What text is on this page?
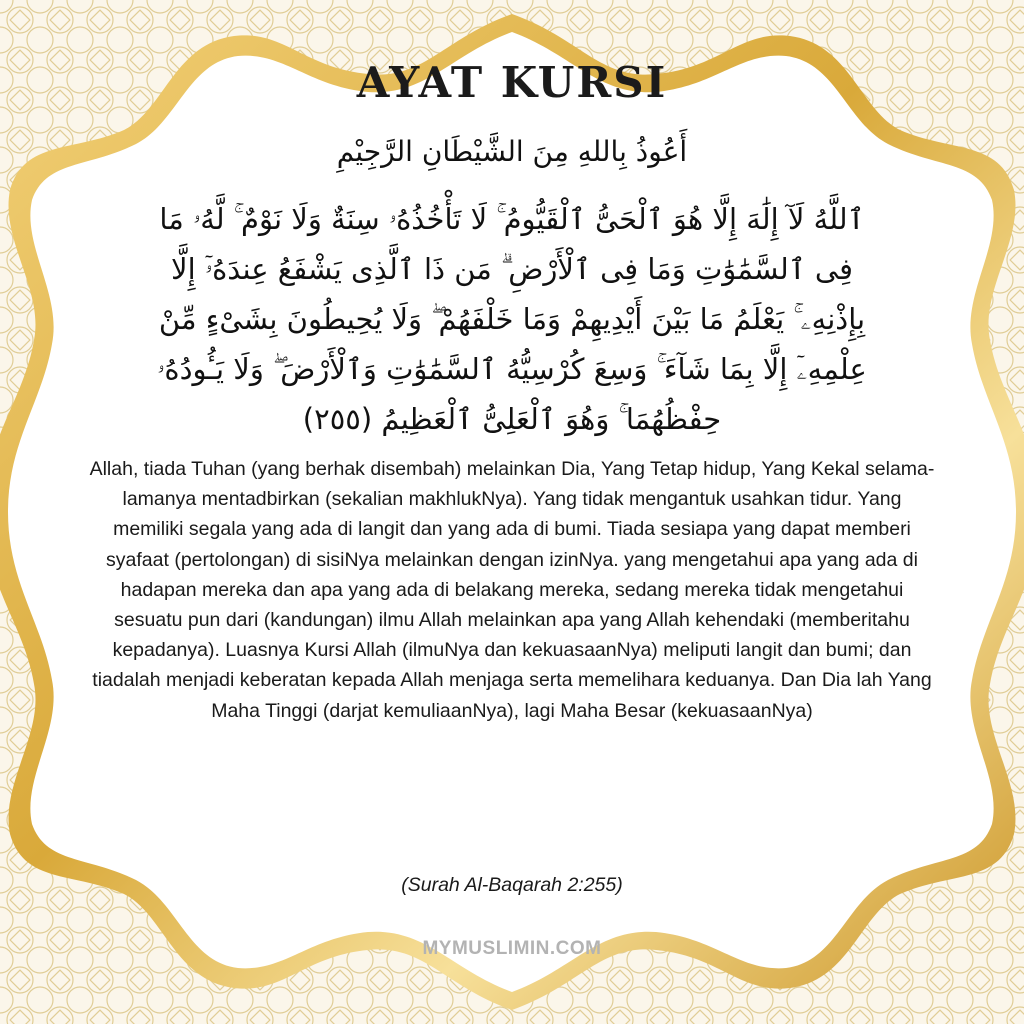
AYAT KURSI

أَعُوذُ بِاللهِ مِنَ الشَّيْطَانِ الرَّجِيْمِ

ٱللَّهُ لَآ إِلَٰهَ إِلَّا هُوَ ٱلْحَىُّ ٱلْقَيُّومُ ۚ لَا تَأْخُذُهُۥ سِنَةٌ وَلَا نَوْمٌ ۚ لَّهُۥ مَا فِى ٱلسَّمَٰوَٰتِ وَمَا فِى ٱلْأَرْضِ ۗ مَن ذَا ٱلَّذِى يَشْفَعُ عِندَهُۥٓ إِلَّا بِإِذْنِهِۦ ۚ يَعْلَمُ مَا بَيْنَ أَيْدِيهِمْ وَمَا خَلْفَهُمْ ۖ وَلَا يُحِيطُونَ بِشَىْءٍ مِّنْ عِلْمِهِۦٓ إِلَّا بِمَا شَآءَ ۚ وَسِعَ كُرْسِيُّهُ ٱلسَّمَٰوَٰتِ وَٱلْأَرْضَ ۖ وَلَا يَـُٔودُهُۥ حِفْظُهُمَا ۚ وَهُوَ ٱلْعَلِىُّ ٱلْعَظِيمُ (٢٥٥)

Allah, tiada Tuhan (yang berhak disembah) melainkan Dia, Yang Tetap hidup, Yang Kekal selama-lamanya mentadbirkan (sekalian makhlukNya). Yang tidak mengantuk usahkan tidur. Yang memiliki segala yang ada di langit dan yang ada di bumi. Tiada sesiapa yang dapat memberi syafaat (pertolongan) di sisiNya melainkan dengan izinNya. yang mengetahui apa yang ada di hadapan mereka dan apa yang ada di belakang mereka, sedang mereka tidak mengetahui sesuatu pun dari (kandungan) ilmu Allah melainkan apa yang Allah kehendaki (memberitahu kepadanya). Luasnya Kursi Allah (ilmuNya dan kekuasaanNya) meliputi langit dan bumi; dan tiadalah menjadi keberatan kepada Allah menjaga serta memelihara keduanya. Dan Dia lah Yang Maha Tinggi (darjat kemuliaanNya), lagi Maha Besar (kekuasaanNya)

(Surah Al-Baqarah 2:255)

MYMUSLIMIN.COM
